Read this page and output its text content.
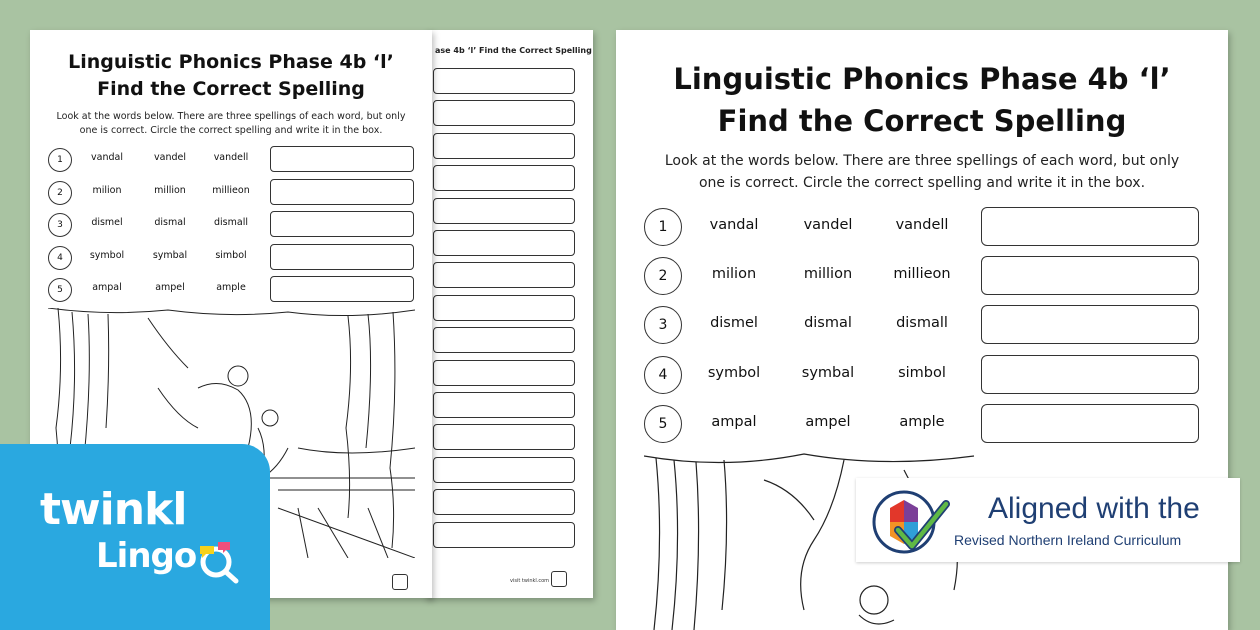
ase 4b ‘l’ Find the Correct Spelling
visit twinkl.com
Linguistic Phonics Phase 4b ‘l’
Find the Correct Spelling
Look at the words below. There are three spellings of each word, but only
one is correct. Circle the correct spelling and write it in the box.
1	vandal	vandel	vandell
2	milion	million	millieon
3	dismel	dismal	dismall
4	symbol	symbal	simbol
5	ampal	ampel	ample
Linguistic Phonics Phase 4b ‘l’
Find the Correct Spelling
Look at the words below. There are three spellings of each word, but only
one is correct. Circle the correct spelling and write it in the box.
1	vandal	vandel	vandell
2	milion	million	millieon
3	dismel	dismal	dismall
4	symbol	symbal	simbol
5	ampal	ampel	ample
twinkl
Lingo
Aligned with the
Revised Northern Ireland Curriculum
